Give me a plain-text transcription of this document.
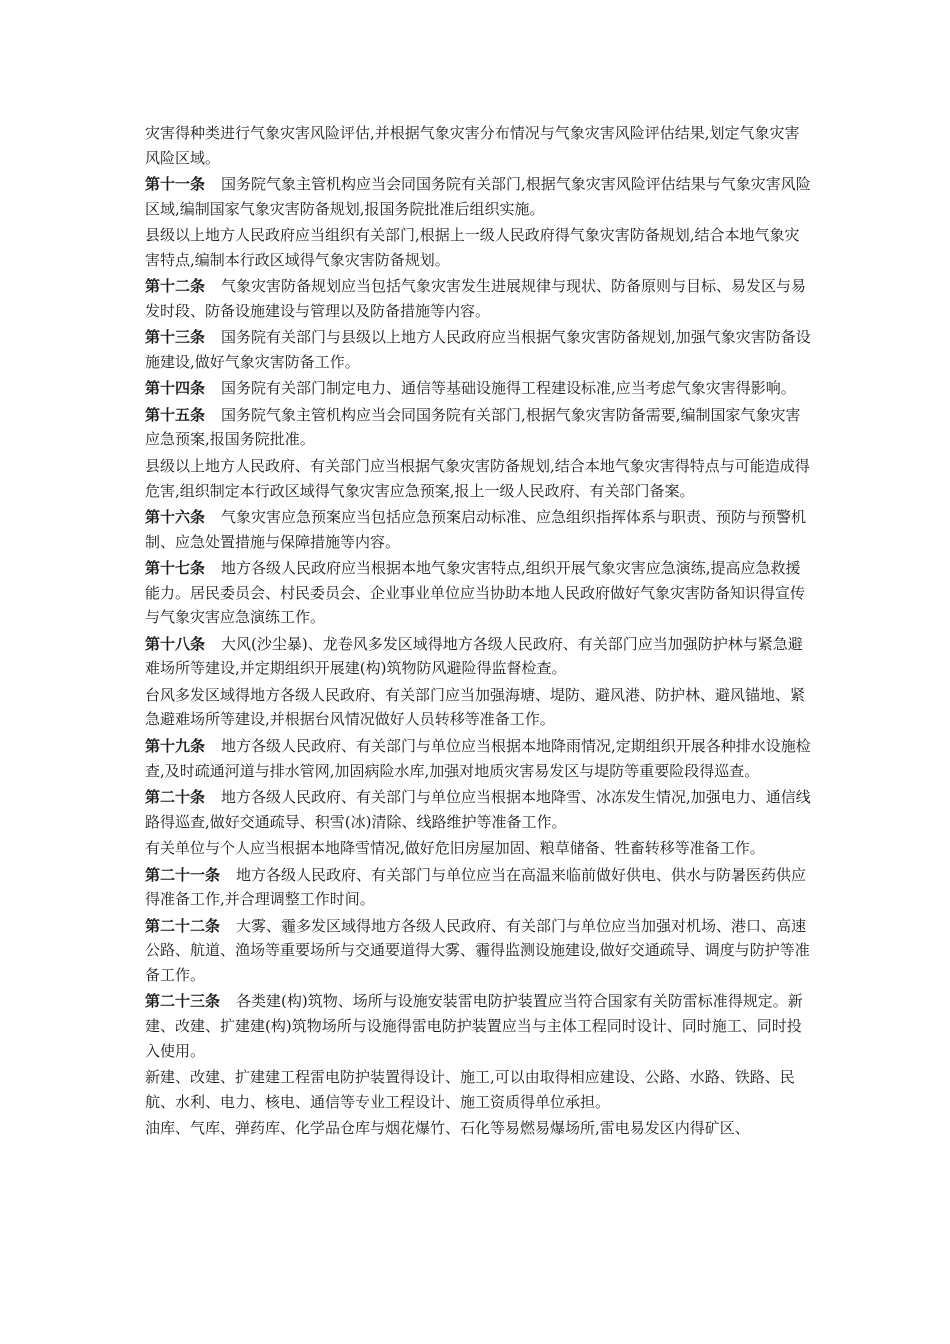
灾害得种类进行气象灾害风险评估,并根据气象灾害分布情况与气象灾害风险评估结果,划定气象灾害风险区域。

第十一条 国务院气象主管机构应当会同国务院有关部门,根据气象灾害风险评估结果与气象灾害风险区域,编制国家气象灾害防备规划,报国务院批准后组织实施。

县级以上地方人民政府应当组织有关部门,根据上一级人民政府得气象灾害防备规划,结合本地气象灾害特点,编制本行政区域得气象灾害防备规划。

第十二条 气象灾害防备规划应当包括气象灾害发生进展规律与现状、防备原则与目标、易发区与易发时段、防备设施建设与管理以及防备措施等内容。

第十三条 国务院有关部门与县级以上地方人民政府应当根据气象灾害防备规划,加强气象灾害防备设施建设,做好气象灾害防备工作。

第十四条 国务院有关部门制定电力、通信等基础设施得工程建设标准,应当考虑气象灾害得影响。

第十五条 国务院气象主管机构应当会同国务院有关部门,根据气象灾害防备需要,编制国家气象灾害应急预案,报国务院批准。

县级以上地方人民政府、有关部门应当根据气象灾害防备规划,结合本地气象灾害得特点与可能造成得危害,组织制定本行政区域得气象灾害应急预案,报上一级人民政府、有关部门备案。

第十六条 气象灾害应急预案应当包括应急预案启动标准、应急组织指挥体系与职责、预防与预警机制、应急处置措施与保障措施等内容。

第十七条 地方各级人民政府应当根据本地气象灾害特点,组织开展气象灾害应急演练,提高应急救援能力。居民委员会、村民委员会、企业事业单位应当协助本地人民政府做好气象灾害防备知识得宣传与气象灾害应急演练工作。

第十八条 大风(沙尘暴)、龙卷风多发区域得地方各级人民政府、有关部门应当加强防护林与紧急避难场所等建设,并定期组织开展建(构)筑物防风避险得监督检查。

台风多发区域得地方各级人民政府、有关部门应当加强海塘、堤防、避风港、防护林、避风锚地、紧急避难场所等建设,并根据台风情况做好人员转移等准备工作。

第十九条 地方各级人民政府、有关部门与单位应当根据本地降雨情况,定期组织开展各种排水设施检查,及时疏通河道与排水管网,加固病险水库,加强对地质灾害易发区与堤防等重要险段得巡查。

第二十条 地方各级人民政府、有关部门与单位应当根据本地降雪、冰冻发生情况,加强电力、通信线路得巡查,做好交通疏导、积雪(冰)清除、线路维护等准备工作。

有关单位与个人应当根据本地降雪情况,做好危旧房屋加固、粮草储备、牲畜转移等准备工作。

第二十一条 地方各级人民政府、有关部门与单位应当在高温来临前做好供电、供水与防暑医药供应得准备工作,并合理调整工作时间。

第二十二条 大雾、霾多发区域得地方各级人民政府、有关部门与单位应当加强对机场、港口、高速公路、航道、渔场等重要场所与交通要道得大雾、霾得监测设施建设,做好交通疏导、调度与防护等准备工作。

第二十三条 各类建(构)筑物、场所与设施安装雷电防护装置应当符合国家有关防雷标准得规定。新建、改建、扩建建(构)筑物场所与设施得雷电防护装置应当与主体工程同时设计、同时施工、同时投入使用。

新建、改建、扩建建工程雷电防护装置得设计、施工,可以由取得相应建设、公路、水路、铁路、民航、水利、电力、核电、通信等专业工程设计、施工资质得单位承担。

油库、气库、弹药库、化学品仓库与烟花爆竹、石化等易燃易爆场所,雷电易发区内得矿区、
